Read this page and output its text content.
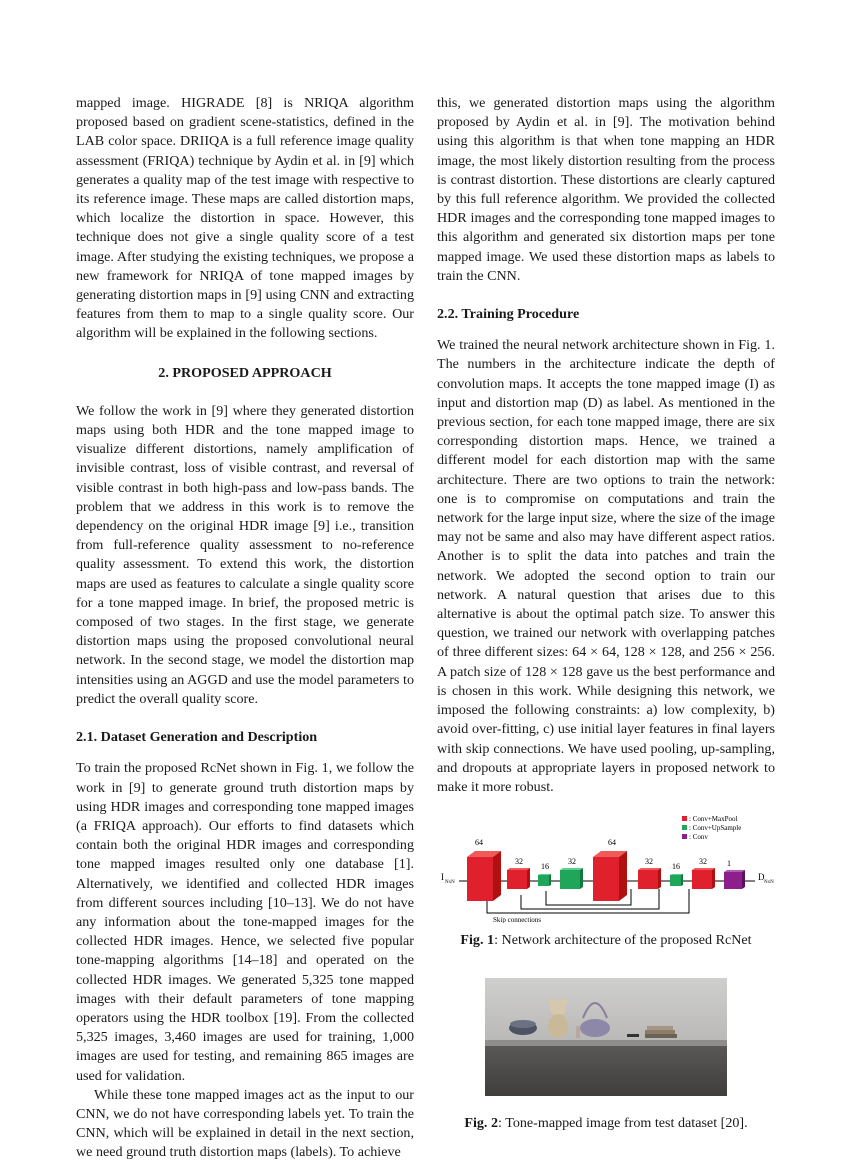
mapped image. HIGRADE [8] is NRIQA algorithm proposed based on gradient scene-statistics, defined in the LAB color space. DRIIQA is a full reference image quality assessment (FRIQA) technique by Aydin et al. in [9] which generates a quality map of the test image with respective to its reference image. These maps are called distortion maps, which localize the distortion in space. However, this technique does not give a single quality score of a test image. After studying the existing techniques, we propose a new framework for NRIQA of tone mapped images by generating distortion maps in [9] using CNN and extracting features from them to map to a single quality score. Our algorithm will be explained in the following sections.

2. PROPOSED APPROACH

We follow the work in [9] where they generated distortion maps using both HDR and the tone mapped image to visualize different distortions, namely amplification of invisible contrast, loss of visible contrast, and reversal of visible contrast in both high-pass and low-pass bands. The problem that we address in this work is to remove the dependency on the original HDR image [9] i.e., transition from full-reference quality assessment to no-reference quality assessment. To extend this work, the distortion maps are used as features to calculate a single quality score for a tone mapped image. In brief, the proposed metric is composed of two stages. In the first stage, we generate distortion maps using the proposed convolutional neural network. In the second stage, we model the distortion map intensities using an AGGD and use the model parameters to predict the overall quality score.

2.1. Dataset Generation and Description

To train the proposed RcNet shown in Fig. 1, we follow the work in [9] to generate ground truth distortion maps by using HDR images and corresponding tone mapped images (a FRIQA approach). Our efforts to find datasets which contain both the original HDR images and corresponding tone mapped images resulted only one database [1]. Alternatively, we identified and collected HDR images from different sources including [10–13]. We do not have any information about the tone-mapped images for the collected HDR images. Hence, we selected five popular tone-mapping algorithms [14–18] and operated on the collected HDR images. We generated 5,325 tone mapped images with their default parameters of tone mapping operators using the HDR toolbox [19]. From the collected 5,325 images, 3,460 images are used for training, 1,000 images are used for testing, and remaining 865 images are used for validation.

While these tone mapped images act as the input to our CNN, we do not have corresponding labels yet. To train the CNN, which will be explained in detail in the next section, we need ground truth distortion maps (labels). To achieve

this, we generated distortion maps using the algorithm proposed by Aydin et al. in [9]. The motivation behind using this algorithm is that when tone mapping an HDR image, the most likely distortion resulting from the process is contrast distortion. These distortions are clearly captured by this full reference algorithm. We provided the collected HDR images and the corresponding tone mapped images to this algorithm and generated six distortion maps per tone mapped image. We used these distortion maps as labels to train the CNN.

2.2. Training Procedure

We trained the neural network architecture shown in Fig. 1. The numbers in the architecture indicate the depth of convolution maps. It accepts the tone mapped image (I) as input and distortion map (D) as label. As mentioned in the previous section, for each tone mapped image, there are six corresponding distortion maps. Hence, we trained a different model for each distortion map with the same architecture. There are two options to train the network: one is to compromise on computations and train the network for the large input size, where the size of the image may not be same and also may have different aspect ratios. Another is to split the data into patches and train the network. We adopted the second option to train our network. A natural question that arises due to this alternative is about the optimal patch size. To answer this question, we trained our network with overlapping patches of three different sizes: 64 × 64, 128 × 128, and 256 × 256. A patch size of 128 × 128 gave us the best performance and is chosen in this work. While designing this network, we imposed the following constraints: a) low complexity, b) avoid over-fitting, c) use initial layer features in final layers with skip connections. We have used pooling, up-sampling, and dropouts at appropriate layers in proposed network to make it more robust.

: Conv+MaxPool
: Conv+UpSample
: Conv
64
32
16
32
64
32
16
32	1
I
NxN
D
NxN
Skip connections
Fig. 1: Network architecture of the proposed RcNet
Fig. 2: Tone-mapped image from test dataset [20].
